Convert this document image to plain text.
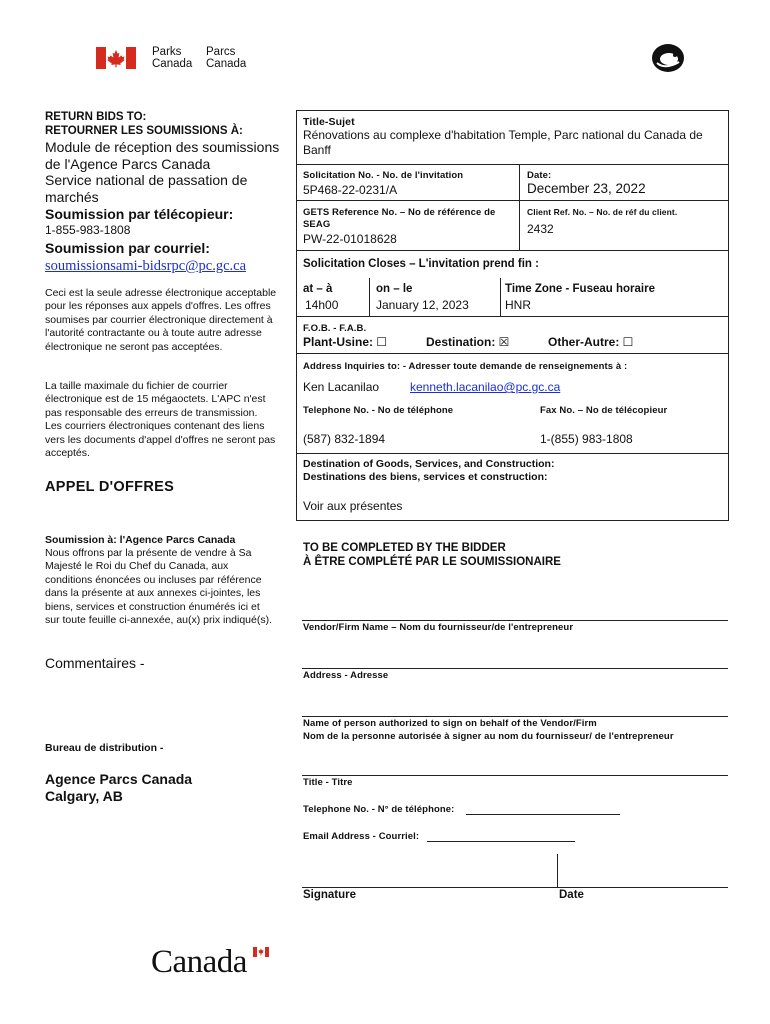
Parks
Canada
Parcs
Canada
RETURN BIDS TO:
RETOURNER LES SOUMISSIONS À:
Module de réception des soumissions de l'Agence Parcs Canada
Service national de passation de marchés
Soumission par télécopieur:
1-855-983-1808
Soumission par courriel:
soumissionsami-bidsrpc@pc.gc.ca
Ceci est la seule adresse électronique acceptable pour les réponses aux appels d'offres. Les offres soumises par courrier électronique directement à l'autorité contractante ou à toute autre adresse électronique ne seront pas acceptées.
La taille maximale du fichier de courrier électronique est de 15 mégaoctets. L'APC n'est pas responsable des erreurs de transmission. Les courriers électroniques contenant des liens vers les documents d'appel d'offres ne seront pas acceptés.
APPEL D'OFFRES
Soumission à: l'Agence Parcs Canada
Nous offrons par la présente de vendre à Sa Majesté le Roi du Chef du Canada, aux conditions énoncées ou incluses par référence dans la présente at aux annexes ci-jointes, les biens, services et construction énumérés ici et sur toute feuille ci-annexée, au(x) prix indiqué(s).
Commentaires -
Bureau de distribution -
Agence Parcs Canada
Calgary, AB
Title-Sujet
Rénovations au complexe d'habitation Temple, Parc national du Canada de Banff
Solicitation No. - No. de l'invitation
5P468-22-0231/A
Date:
December 23, 2022
GETS Reference No. – No de référence de SEAG
PW-22-01018628
Client Ref. No. – No. de réf du client.
2432
Solicitation Closes – L'invitation prend fin :
at – à
14h00
on – le
January 12, 2023
Time Zone - Fuseau horaire
HNR
F.O.B. - F.A.B.
Plant-Usine: ☐	Destination: ☒	Other-Autre: ☐
Address Inquiries to: - Adresser toute demande de renseignements à :
Ken Lacanilao	kenneth.lacanilao@pc.gc.ca
Telephone No. - No de téléphone	Fax No. – No de télécopieur
(587) 832-1894	1-(855) 983-1808
Destination of Goods, Services, and Construction:
Destinations des biens, services et construction:
Voir aux présentes
TO BE COMPLETED BY THE BIDDER
À ÊTRE COMPLÉTÉ PAR LE SOUMISSIONAIRE
Vendor/Firm Name – Nom du fournisseur/de l'entrepreneur
Address - Adresse
Name of person authorized to sign on behalf of the Vendor/Firm
Nom de la personne autorisée à signer au nom du fournisseur/ de l'entrepreneur
Title - Titre
Telephone No. - N° de téléphone:
Email Address - Courriel:
Signature	Date
Canada
